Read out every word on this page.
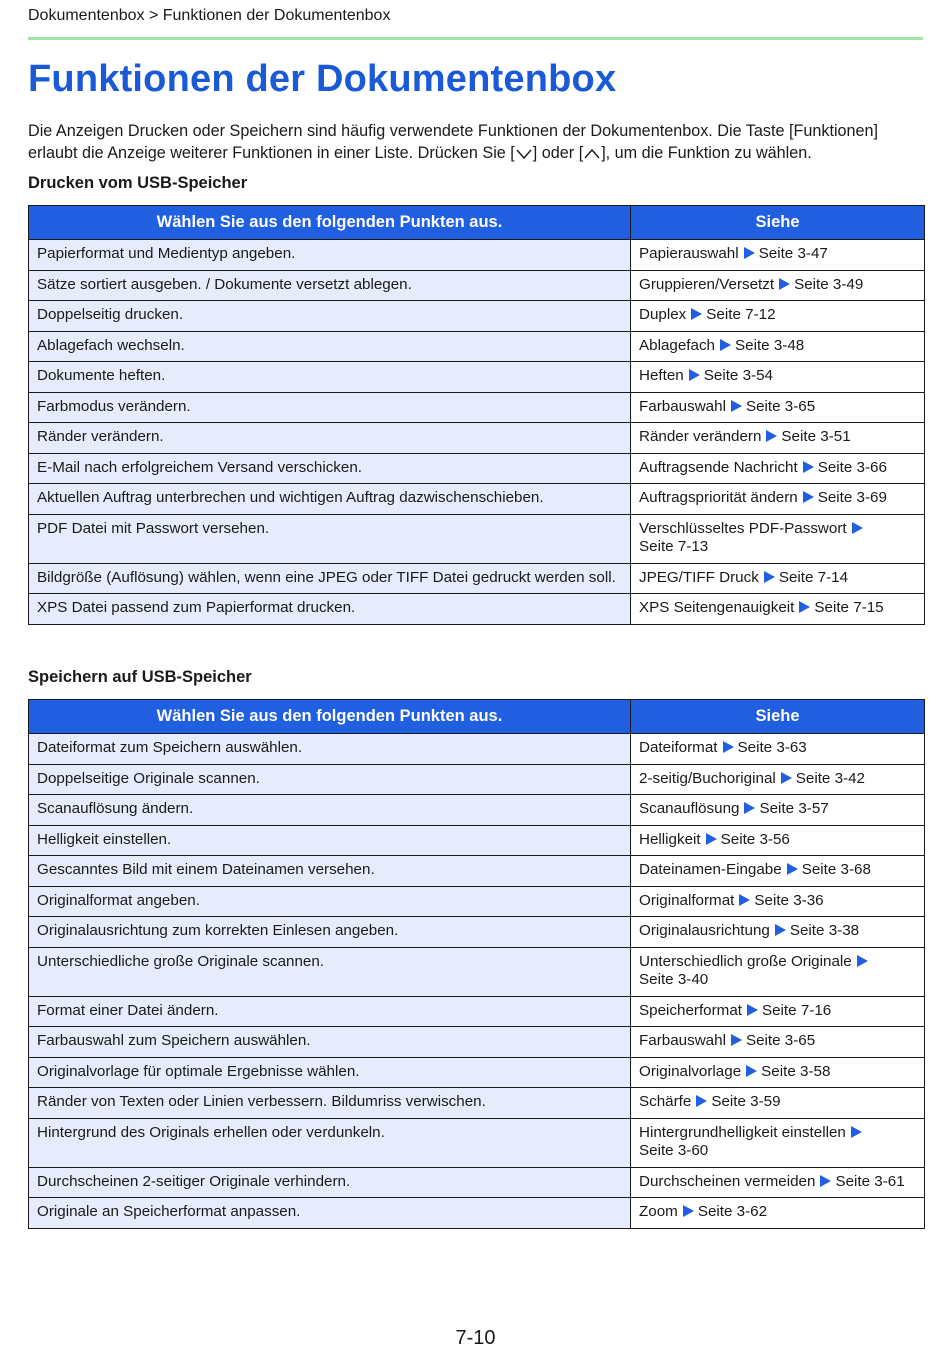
Dokumentenbox > Funktionen der Dokumentenbox
Funktionen der Dokumentenbox
Die Anzeigen Drucken oder Speichern sind häufig verwendete Funktionen der Dokumentenbox. Die Taste [Funktionen] erlaubt die Anzeige weiterer Funktionen in einer Liste. Drücken Sie [ ] oder [ ], um die Funktion zu wählen.
Drucken vom USB-Speicher
Wählen Sie aus den folgenden Punkten aus.	Siehe
Papierformat und Medientyp angeben.	Papierauswahl Seite 3-47
Sätze sortiert ausgeben. / Dokumente versetzt ablegen.	Gruppieren/Versetzt Seite 3-49
Doppelseitig drucken.	Duplex Seite 7-12
Ablagefach wechseln.	Ablagefach Seite 3-48
Dokumente heften.	Heften Seite 3-54
Farbmodus verändern.	Farbauswahl Seite 3-65
Ränder verändern.	Ränder verändern Seite 3-51
E-Mail nach erfolgreichem Versand verschicken.	Auftragsende Nachricht Seite 3-66
Aktuellen Auftrag unterbrechen und wichtigen Auftrag dazwischenschieben.	Auftragspriorität ändern Seite 3-69
PDF Datei mit Passwort versehen.	Verschlüsseltes PDF-Passwort
Seite 7-13
Bildgröße (Auflösung) wählen, wenn eine JPEG oder TIFF Datei gedruckt werden soll.	JPEG/TIFF Druck Seite 7-14
XPS Datei passend zum Papierformat drucken.	XPS Seitengenauigkeit Seite 7-15
Speichern auf USB-Speicher
Wählen Sie aus den folgenden Punkten aus.	Siehe
Dateiformat zum Speichern auswählen.	Dateiformat Seite 3-63
Doppelseitige Originale scannen.	2-seitig/Buchoriginal Seite 3-42
Scanauflösung ändern.	Scanauflösung Seite 3-57
Helligkeit einstellen.	Helligkeit Seite 3-56
Gescanntes Bild mit einem Dateinamen versehen.	Dateinamen-Eingabe Seite 3-68
Originalformat angeben.	Originalformat Seite 3-36
Originalausrichtung zum korrekten Einlesen angeben.	Originalausrichtung Seite 3-38
Unterschiedliche große Originale scannen.	Unterschiedlich große Originale
Seite 3-40
Format einer Datei ändern.	Speicherformat Seite 7-16
Farbauswahl zum Speichern auswählen.	Farbauswahl Seite 3-65
Originalvorlage für optimale Ergebnisse wählen.	Originalvorlage Seite 3-58
Ränder von Texten oder Linien verbessern. Bildumriss verwischen.	Schärfe Seite 3-59
Hintergrund des Originals erhellen oder verdunkeln.	Hintergrundhelligkeit einstellen
Seite 3-60
Durchscheinen 2-seitiger Originale verhindern.	Durchscheinen vermeiden Seite 3-61
Originale an Speicherformat anpassen.	Zoom Seite 3-62
7-10
